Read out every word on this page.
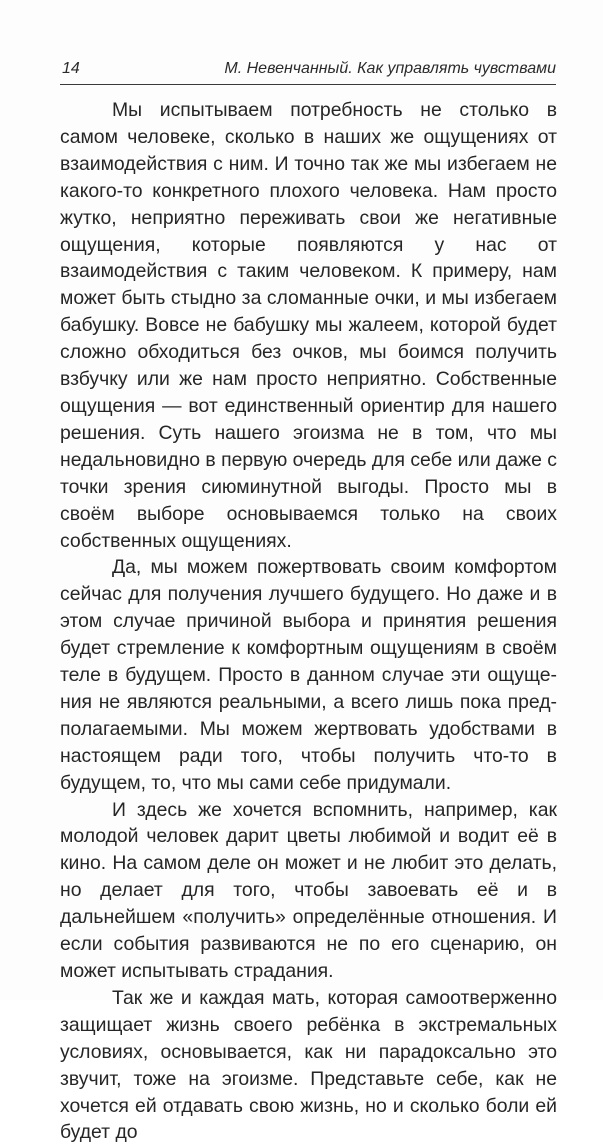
14	М. Невенчанный. Как управлять чувствами

Мы испытываем потребность не столько в самом человеке, сколько в наших же ощущениях от взаимодействия с ним. И точно так же мы избегаем не какого-то конкретного плохого человека. Нам просто жутко, неприятно переживать свои же негативные ощущения, которые появляются у нас от взаимодействия с таким человеком. К примеру, нам может быть стыдно за сломанные очки, и мы избегаем бабушку. Вовсе не бабушку мы жалеем, которой будет сложно обходиться без очков, мы боимся получить взбучку или же нам просто неприятно. Собственные ощущения — вот единственный ориентир для нашего решения. Суть нашего эгоизма не в том, что мы недальновидно в первую очередь для себе или даже с точки зрения сиюминутной выгоды. Просто мы в своём выборе основываемся только на своих собственных ощущениях.

Да, мы можем пожертвовать своим комфортом сейчас для получения лучшего будущего. Но даже и в этом случае причиной выбора и принятия решения будет стремление к комфортным ощущениям в своём теле в будущем. Просто в данном случае эти ощущения не являются реальными, а всего лишь пока предполагаемыми. Мы можем жертвовать удобствами в настоящем ради того, чтобы получить что-то в будущем, то, что мы сами себе придумали.

И здесь же хочется вспомнить, например, как молодой человек дарит цветы любимой и водит её в кино. На самом деле он может и не любит это делать, но делает для того, чтобы завоевать её и в дальнейшем «получить» определённые отношения. И если события развиваются не по его сценарию, он может испытывать страдания.

Так же и каждая мать, которая самоотверженно защищает жизнь своего ребёнка в экстремальных условиях, основывается, как ни парадоксально это звучит, тоже на эгоизме. Представьте себе, как не хочется ей отдавать свою жизнь, но и сколько боли ей будет до
